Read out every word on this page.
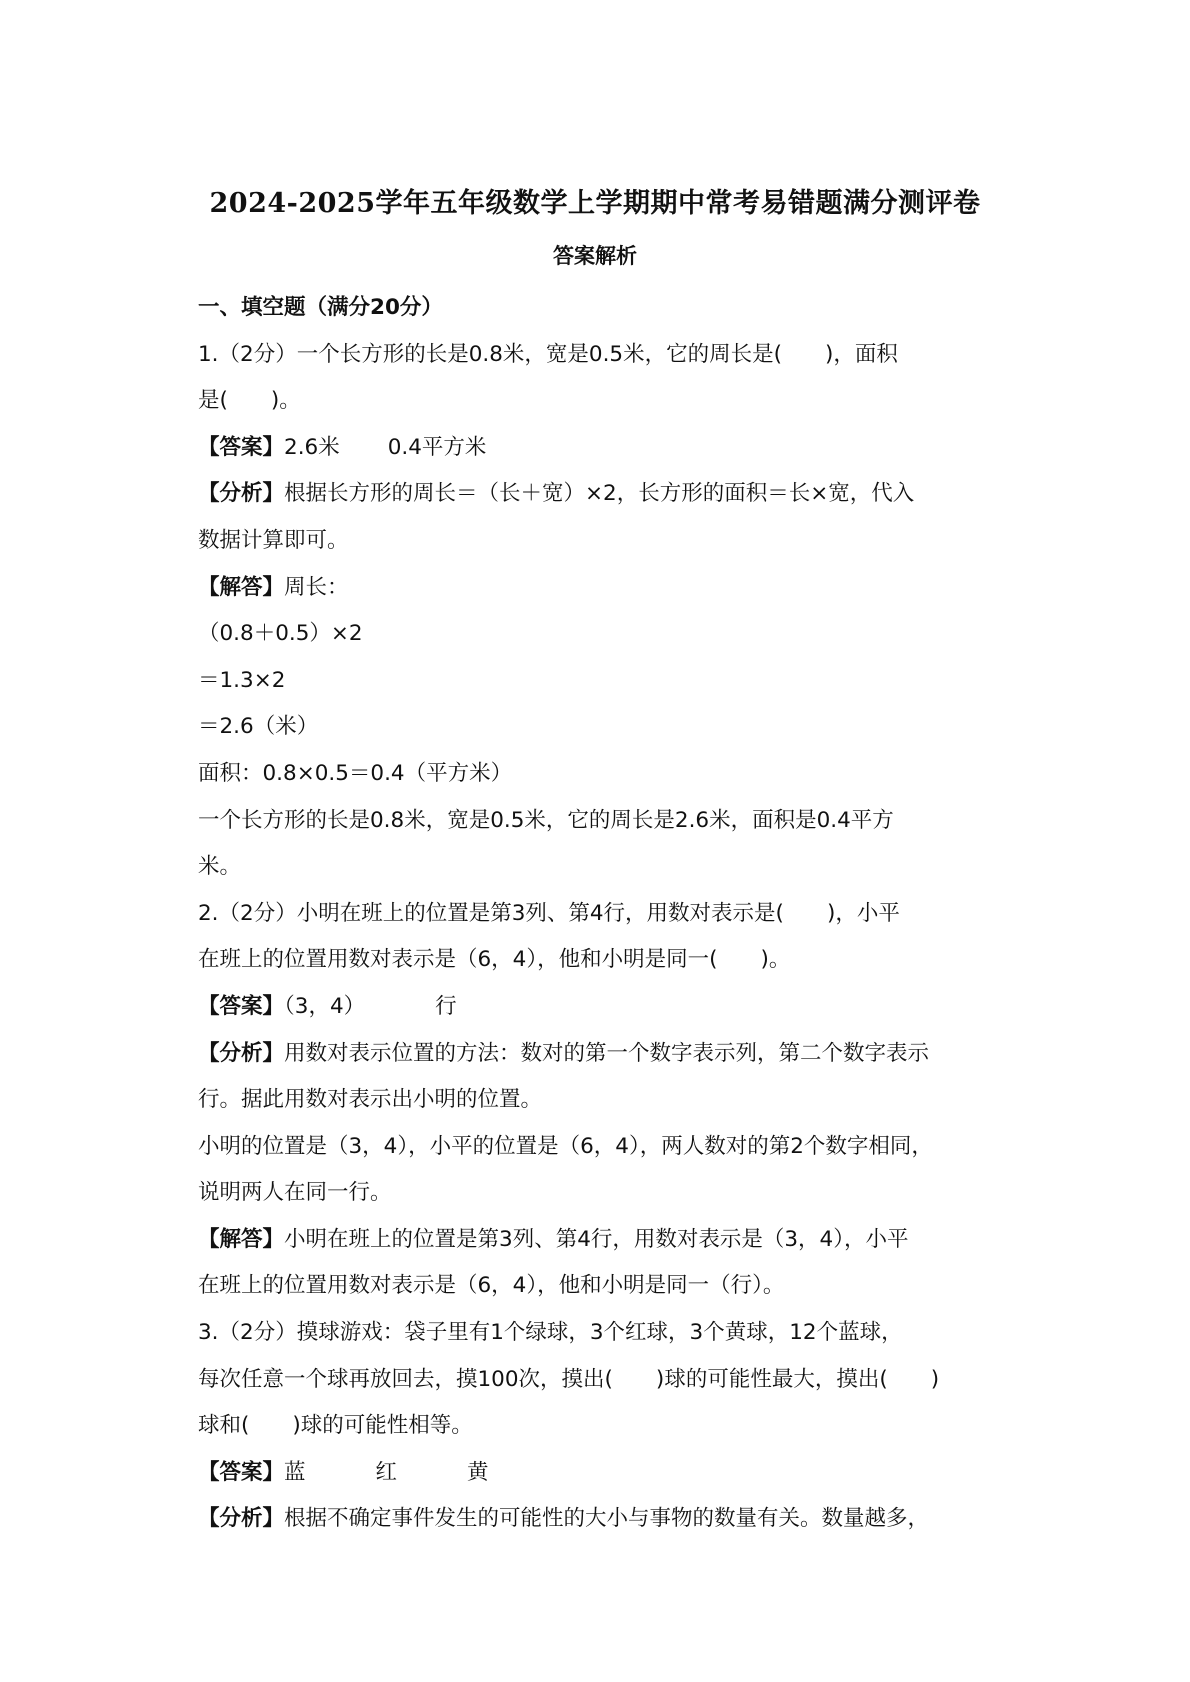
2024-2025学年五年级数学上学期期中常考易错题满分测评卷
答案解析
一、填空题（满分20分）
1.（2分）一个长方形的长是0.8米，宽是0.5米，它的周长是(　　)，面积
是(　　)。
【答案】2.6米 0.4平方米
【分析】根据长方形的周长＝（长＋宽）×2，长方形的面积＝长×宽，代入
数据计算即可。
【解答】周长：
（0.8＋0.5）×2
＝1.3×2
＝2.6（米）
面积：0.8×0.5＝0.4（平方米）
一个长方形的长是0.8米，宽是0.5米，它的周长是2.6米，面积是0.4平方
米。
2.（2分）小明在班上的位置是第3列、第4行，用数对表示是(　　)，小平
在班上的位置用数对表示是（6，4），他和小明是同一(　　)。
【答案】（3，4）	行
【分析】用数对表示位置的方法：数对的第一个数字表示列，第二个数字表示
行。据此用数对表示出小明的位置。
小明的位置是（3，4），小平的位置是（6，4），两人数对的第2个数字相同，
说明两人在同一行。
【解答】小明在班上的位置是第3列、第4行，用数对表示是（3，4），小平
在班上的位置用数对表示是（6，4），他和小明是同一（行）。
3.（2分）摸球游戏：袋子里有1个绿球，3个红球，3个黄球，12个蓝球，
每次任意一个球再放回去，摸100次，摸出(　　)球的可能性最大，摸出(　　)
球和(　　)球的可能性相等。
【答案】蓝	红	黄
【分析】根据不确定事件发生的可能性的大小与事物的数量有关。数量越多，
